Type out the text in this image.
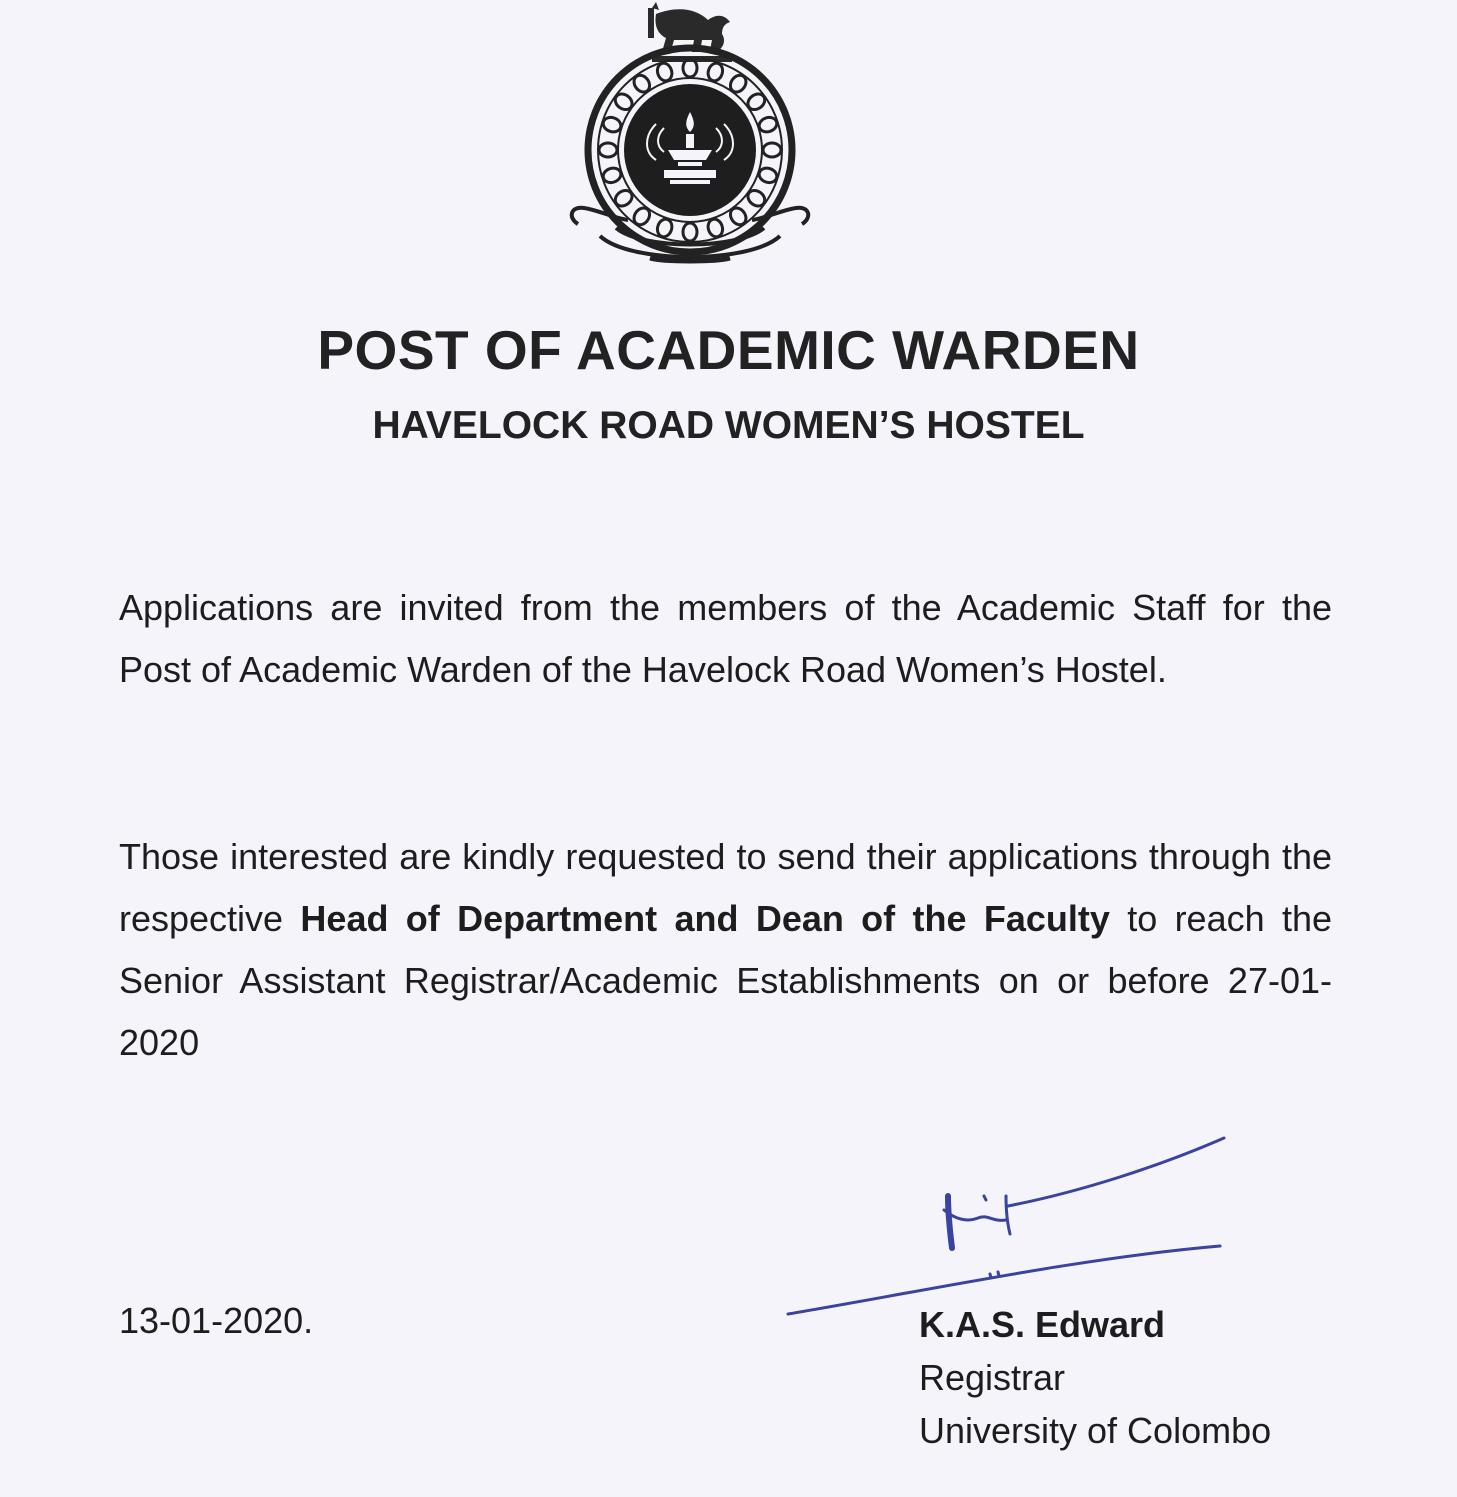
POST OF ACADEMIC WARDEN
HAVELOCK ROAD WOMEN’S HOSTEL

Applications are invited from the members of the Academic Staff for the Post of Academic Warden of the Havelock Road Women’s Hostel.

Those interested are kindly requested to send their applications through the respective Head of Department and Dean of the Faculty to reach the Senior Assistant Registrar/Academic Establishments on or before 27-01-2020

13-01-2020.	K.A.S. Edward
Registrar
University of Colombo
